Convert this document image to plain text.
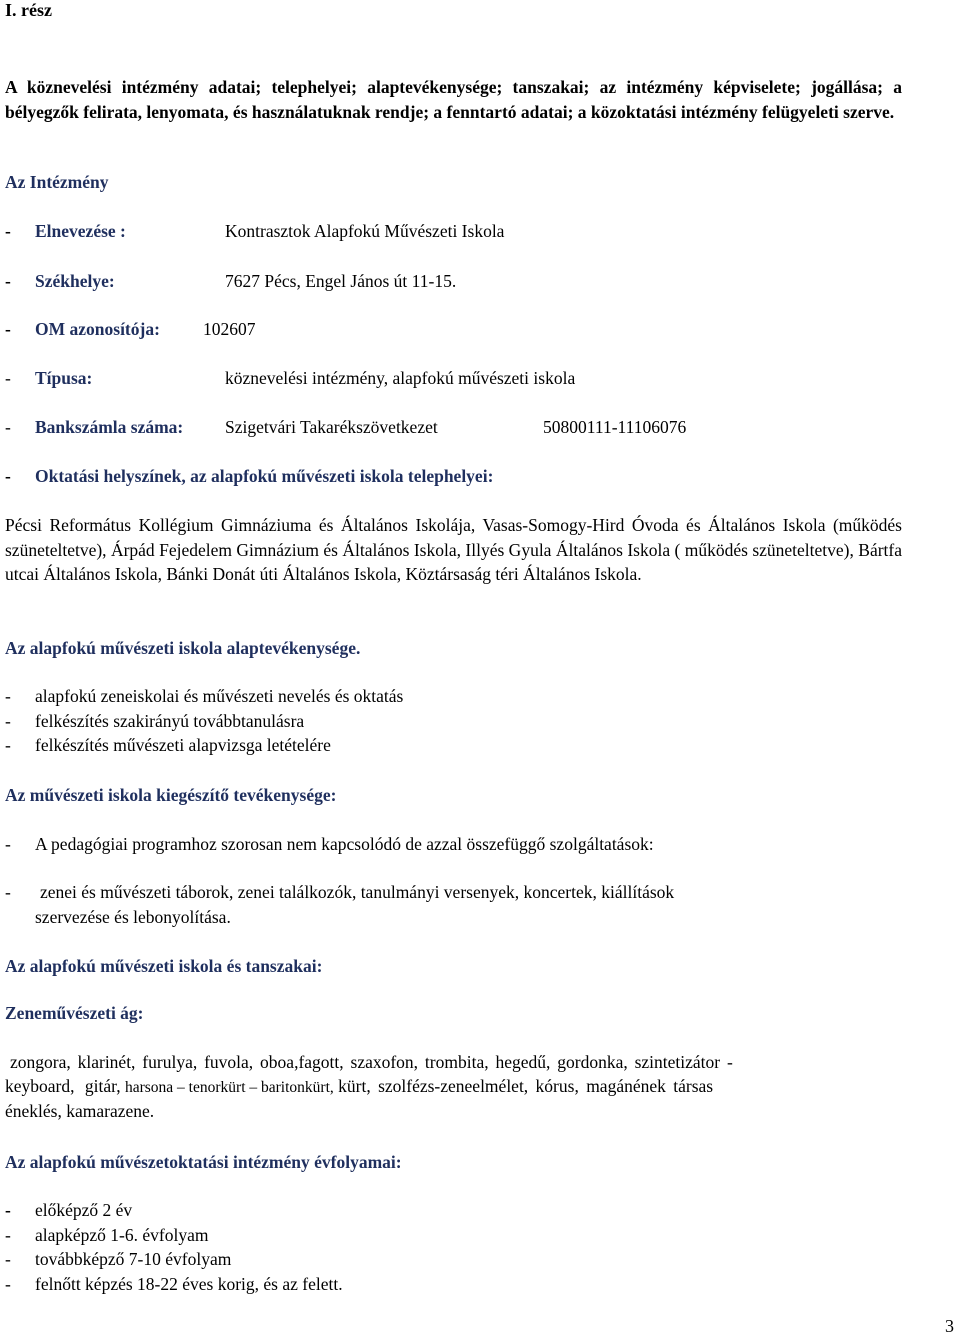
I. rész
A köznevelési intézmény adatai; telephelyei; alaptevékenysége; tanszakai; az intézmény képviselete; jogállása; a bélyegzők felirata, lenyomata, és használatuknak rendje; a fenntartó adatai; a közoktatási intézmény felügyeleti szerve.
Az Intézmény
- Elnevezése :	Kontrasztok Alapfokú Művészeti Iskola
- Székhelye:	7627 Pécs, Engel János út 11-15.
- OM azonosítója: 102607
- Típusa:	köznevelési intézmény, alapfokú művészeti iskola
- Bankszámla száma: Szigetvári Takarékszövetkezet	50800111-11106076
- Oktatási helyszínek, az alapfokú művészeti iskola telephelyei:
Pécsi Református Kollégium Gimnáziuma és Általános Iskolája, Vasas-Somogy-Hird Óvoda és Általános Iskola (működés szüneteltetve), Árpád Fejedelem Gimnázium és Általános Iskola, Illyés Gyula Általános Iskola ( működés szüneteltetve), Bártfa utcai Általános Iskola, Bánki Donát úti Általános Iskola, Köztársaság téri Általános Iskola.
Az alapfokú művészeti iskola alaptevékenysége.
- alapfokú zeneiskolai és művészeti nevelés és oktatás
- felkészítés szakirányú továbbtanulásra
- felkészítés művészeti alapvizsga letételére
Az művészeti iskola kiegészítő tevékenysége:
- A pedagógiai programhoz szorosan nem kapcsolódó de azzal összefüggő szolgáltatások:
- zenei és művészeti táborok, zenei találkozók, tanulmányi versenyek, koncertek, kiállítások
szervezése és lebonyolítása.
Az alapfokú művészeti iskola és tanszakai:
Zeneművészeti ág:
zongora, klarinét, furulya, fuvola, oboa,fagott, szaxofon, trombita, hegedű, gordonka, szintetizátor -
keyboard, gitár, harsona – tenorkürt – baritonkürt, kürt, szolfézs-zeneelmélet, kórus, magánének társas
éneklés, kamarazene.
Az alapfokú művészetoktatási intézmény évfolyamai:
- előképző 2 év
- alapképző 1-6. évfolyam
- továbbképző 7-10 évfolyam
- felnőtt képzés 18-22 éves korig, és az felett.
3
